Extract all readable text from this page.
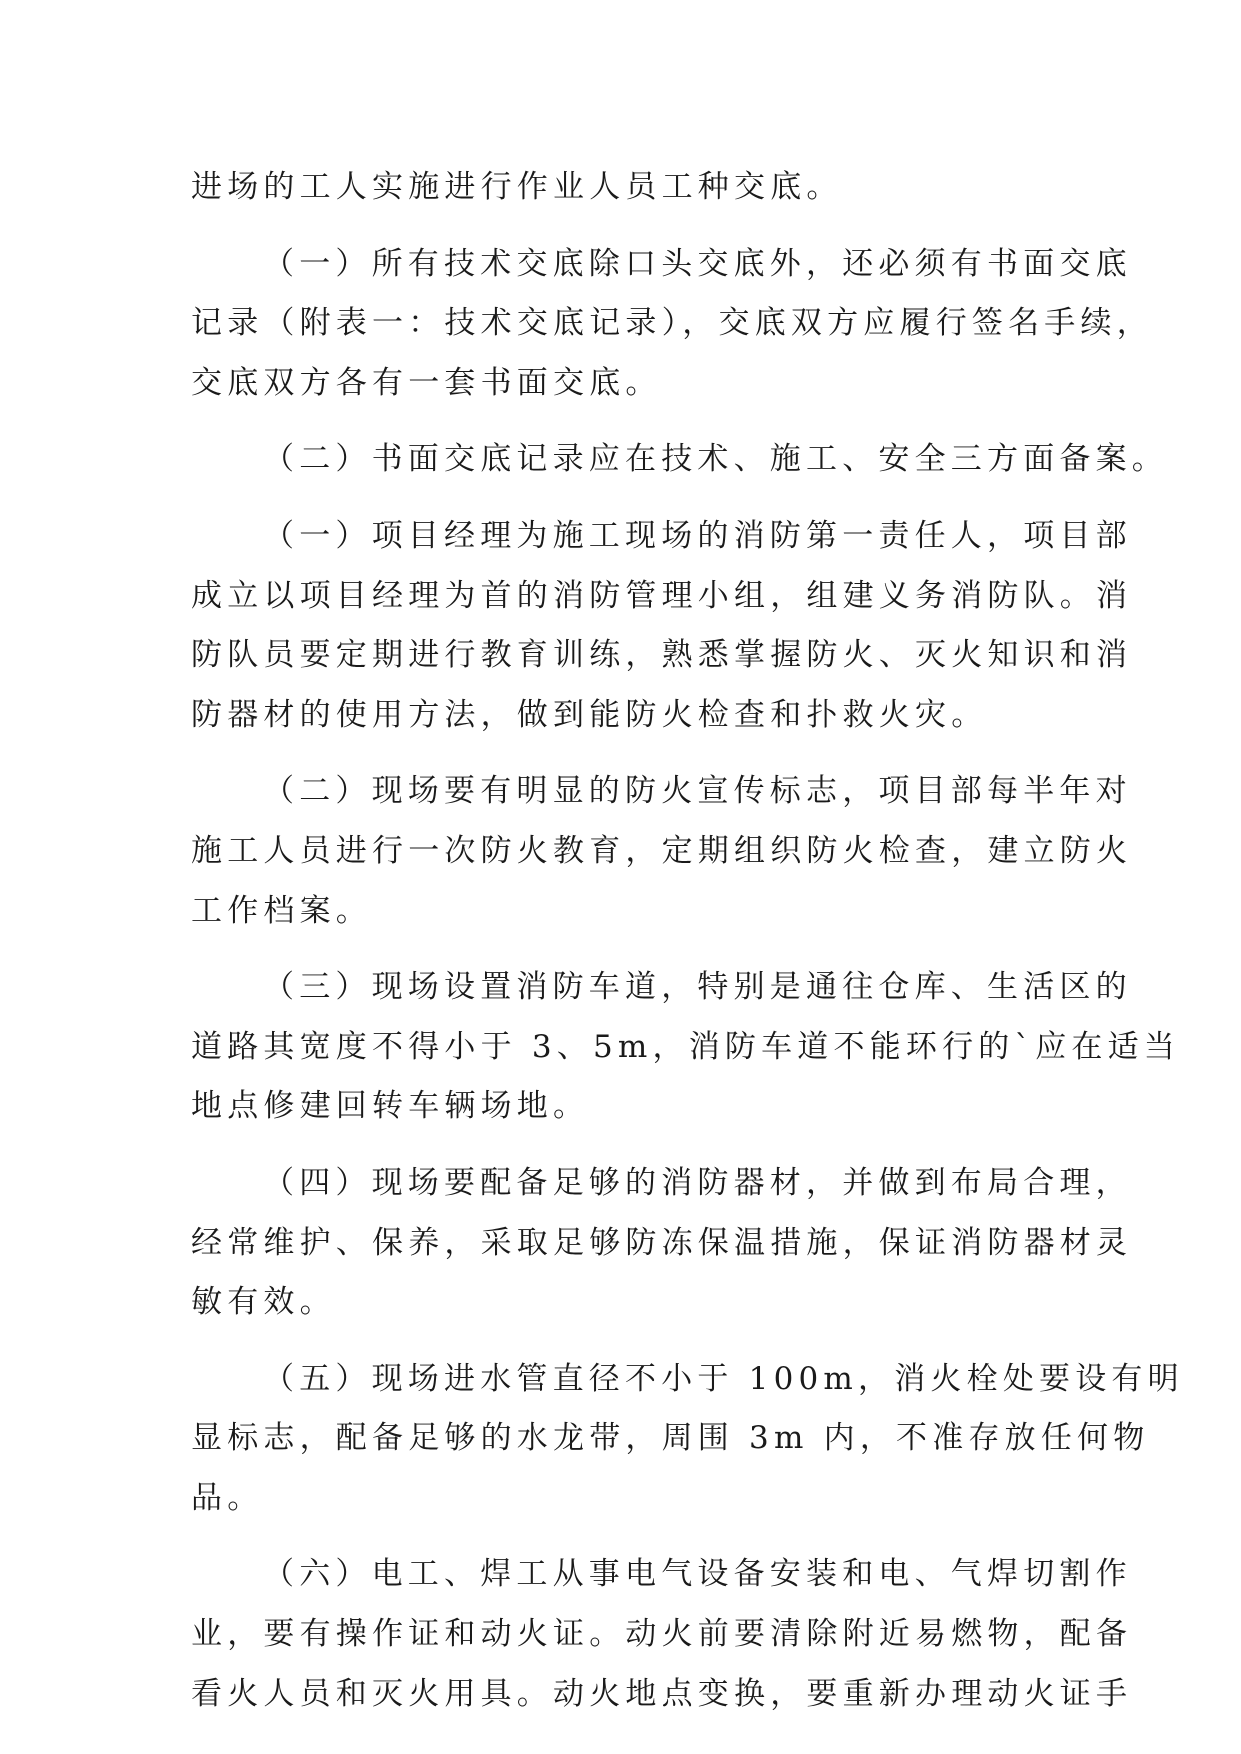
进场的工人实施进行作业人员工种交底。
（一）所有技术交底除口头交底外，还必须有书面交底
记录（附表一：技术交底记录），交底双方应履行签名手续，
交底双方各有一套书面交底。
（二）书面交底记录应在技术、施工、安全三方面备案。
（一）项目经理为施工现场的消防第一责任人，项目部
成立以项目经理为首的消防管理小组，组建义务消防队。消
防队员要定期进行教育训练，熟悉掌握防火、灭火知识和消
防器材的使用方法，做到能防火检查和扑救火灾。
（二）现场要有明显的防火宣传标志，项目部每半年对
施工人员进行一次防火教育，定期组织防火检查，建立防火
工作档案。
（三）现场设置消防车道，特别是通往仓库、生活区的
道路其宽度不得小于 3、5m，消防车道不能环行的`应在适当
地点修建回转车辆场地。
（四）现场要配备足够的消防器材，并做到布局合理，
经常维护、保养，采取足够防冻保温措施，保证消防器材灵
敏有效。
（五）现场进水管直径不小于 100m，消火栓处要设有明
显标志，配备足够的水龙带，周围 3m 内，不准存放任何物
品。
（六）电工、焊工从事电气设备安装和电、气焊切割作
业，要有操作证和动火证。动火前要清除附近易燃物，配备
看火人员和灭火用具。动火地点变换，要重新办理动火证手
